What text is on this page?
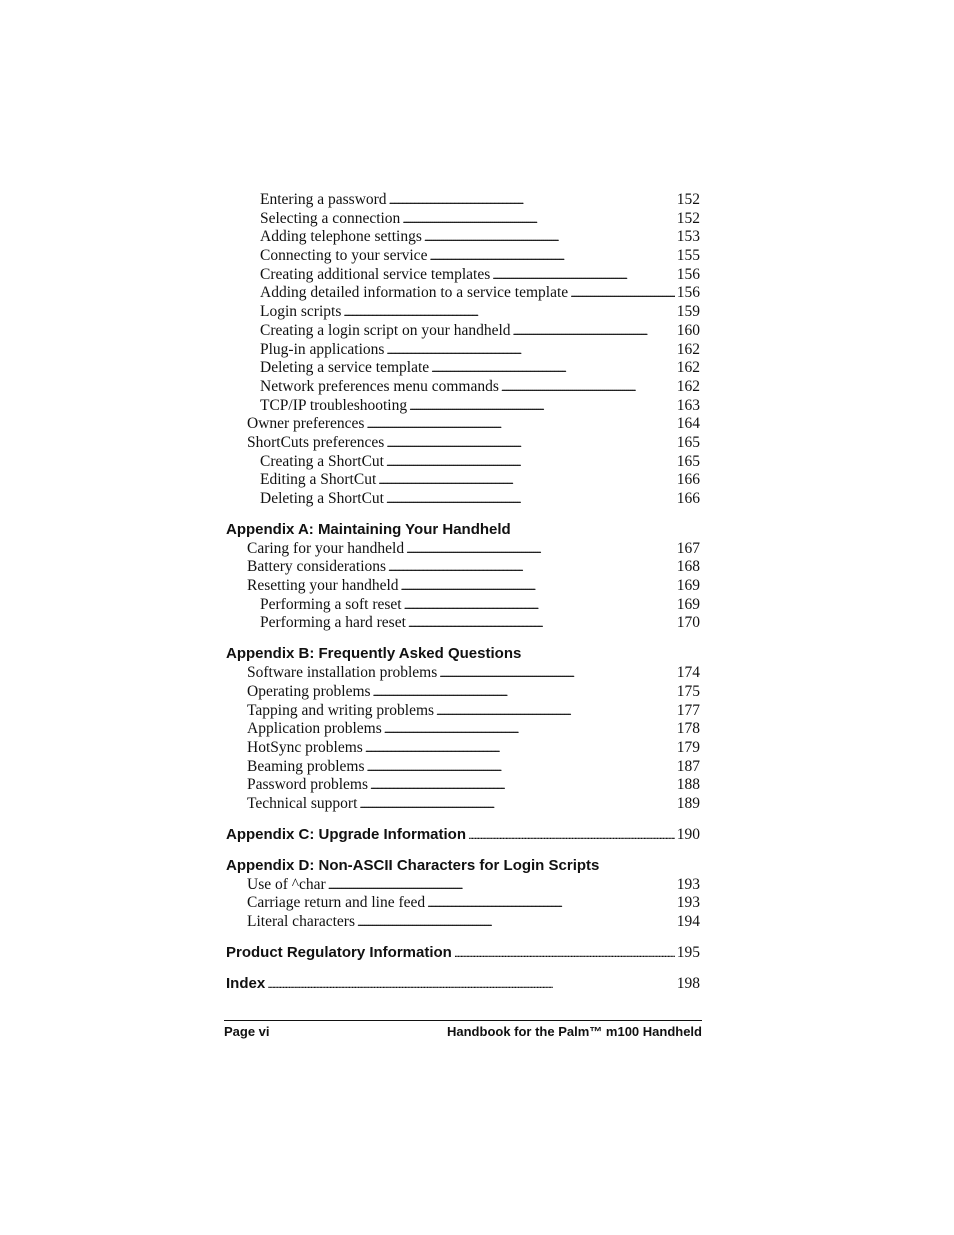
Entering a password . . .	152
Selecting a connection . . .	152
Adding telephone settings . . .	153
Connecting to your service . . .	155
Creating additional service templates . . .	156
Adding detailed information to a service template . . .	156
Login scripts . . .	159
Creating a login script on your handheld . . .	160
Plug-in applications . . .	162
Deleting a service template . . .	162
Network preferences menu commands . . .	162
TCP/IP troubleshooting . . .	163
Owner preferences . . .	164
ShortCuts preferences . . .	165
Creating a ShortCut . . .	165
Editing a ShortCut . . .	166
Deleting a ShortCut . . .	166
Appendix A: Maintaining Your Handheld
Caring for your handheld . . .	167
Battery considerations . . .	168
Resetting your handheld . . .	169
Performing a soft reset . . .	169
Performing a hard reset . . .	170
Appendix B: Frequently Asked Questions
Software installation problems . . .	174
Operating problems . . .	175
Tapping and writing problems . . .	177
Application problems . . .	178
HotSync problems . . .	179
Beaming problems . . .	187
Password problems . . .	188
Technical support . . .	189
Appendix C: Upgrade Information . . .	190
Appendix D: Non-ASCII Characters for Login Scripts
Use of ^char . . .	193
Carriage return and line feed . . .	193
Literal characters . . .	194
Product Regulatory Information . . .	195
Index . . .	198
Page vi	Handbook for the Palm™ m100 Handheld
